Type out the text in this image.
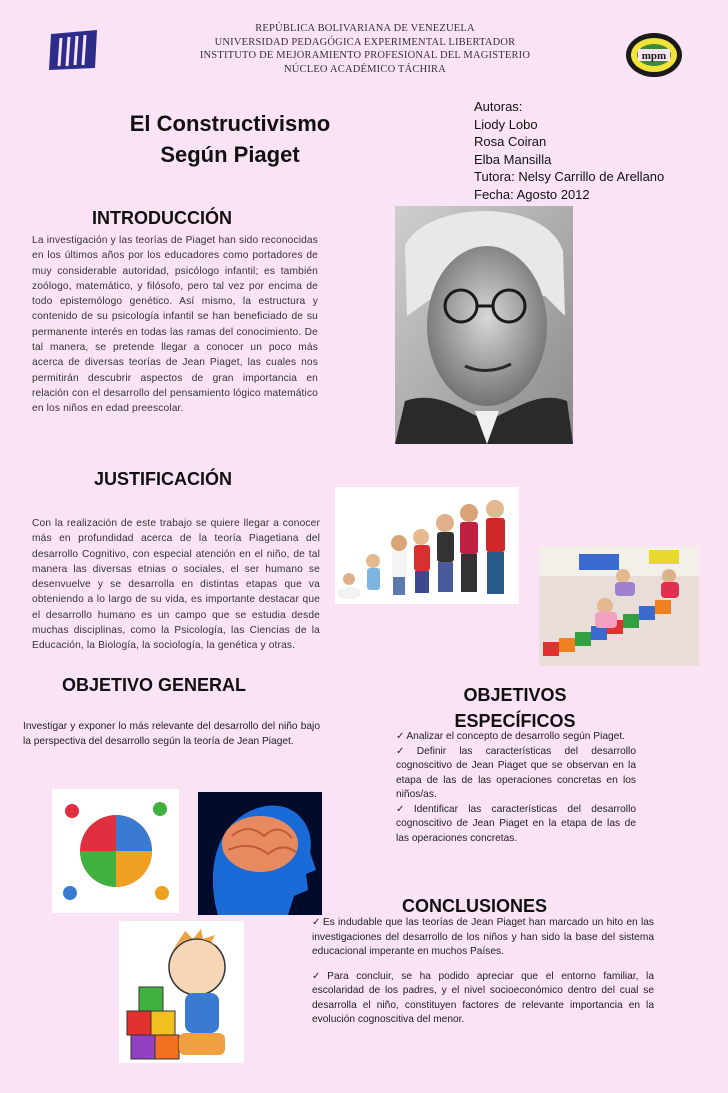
REPÚBLICA BOLIVARIANA DE VENEZUELA
UNIVERSIDAD PEDAGÓGICA EXPERIMENTAL LIBERTADOR
INSTITUTO DE MEJORAMIENTO PROFESIONAL DEL MAGISTERIO
NÚCLEO ACADÉMICO TÁCHIRA
mpm
El Constructivismo
Según Piaget
Autoras:
Liody Lobo
Rosa Coiran
Elba Mansilla
Tutora: Nelsy Carrillo de Arellano
Fecha: Agosto 2012
INTRODUCCIÓN

La investigación y las teorías de Piaget han sido reconocidas en los últimos años por los educadores como portadores de muy considerable autoridad, psicólogo infantil; es también zoólogo, matemático, y filósofo, pero tal vez por encima de todo epistemólogo genético. Así mismo, la estructura y contenido de su psicología infantil se han beneficiado de su permanente interés en todas las ramas del conocimiento. De tal manera, se pretende llegar a conocer un poco más acerca de diversas teorías de Jean Piaget, las cuales nos permitirán descubrir aspectos de gran importancia en relación con el desarrollo del pensamiento lógico matemático en los niños en edad preescolar.

JUSTIFICACIÓN

Con la realización de este trabajo se quiere llegar a conocer más en profundidad acerca de la teoría Piagetiana del desarrollo Cognitivo, con especial atención en el niño, de tal manera las diversas etnias o sociales, el ser humano se desenvuelve y se desarrolla en distintas etapas que va obteniendo a lo largo de su vida, es importante destacar que el desarrollo humano es un campo que se estudia desde muchas disciplinas, como la Psicología, las Ciencias de la Educación, la Biología, la sociología, la genética y otras.

OBJETIVO GENERAL
Investigar y exponer lo más relevante del desarrollo del niño bajo la perspectiva del desarrollo según la teoría de Jean Piaget.
OBJETIVOS
ESPECÍFICOS
✓ Analizar el concepto de desarrollo según Piaget.
✓ Definir las características del desarrollo cognoscitivo de Jean Piaget que se observan en la etapa de las de las operaciones concretas en los niños/as.
✓ Identificar las características del desarrollo cognoscitivo de Jean Piaget en la etapa de las de las operaciones concretas.
CONCLUSIONES
✓ Es indudable que las teorías de Jean Piaget han marcado un hito en las investigaciones del desarrollo de los niños y han sido la base del sistema educacional imperante en muchos Países.
✓ Para concluir, se ha podido apreciar que el entorno familiar, la escolaridad de los padres, y el nivel socioeconómico dentro del cual se desarrolla el niño, constituyen factores de relevante importancia en la evolución cognoscitiva del menor.
